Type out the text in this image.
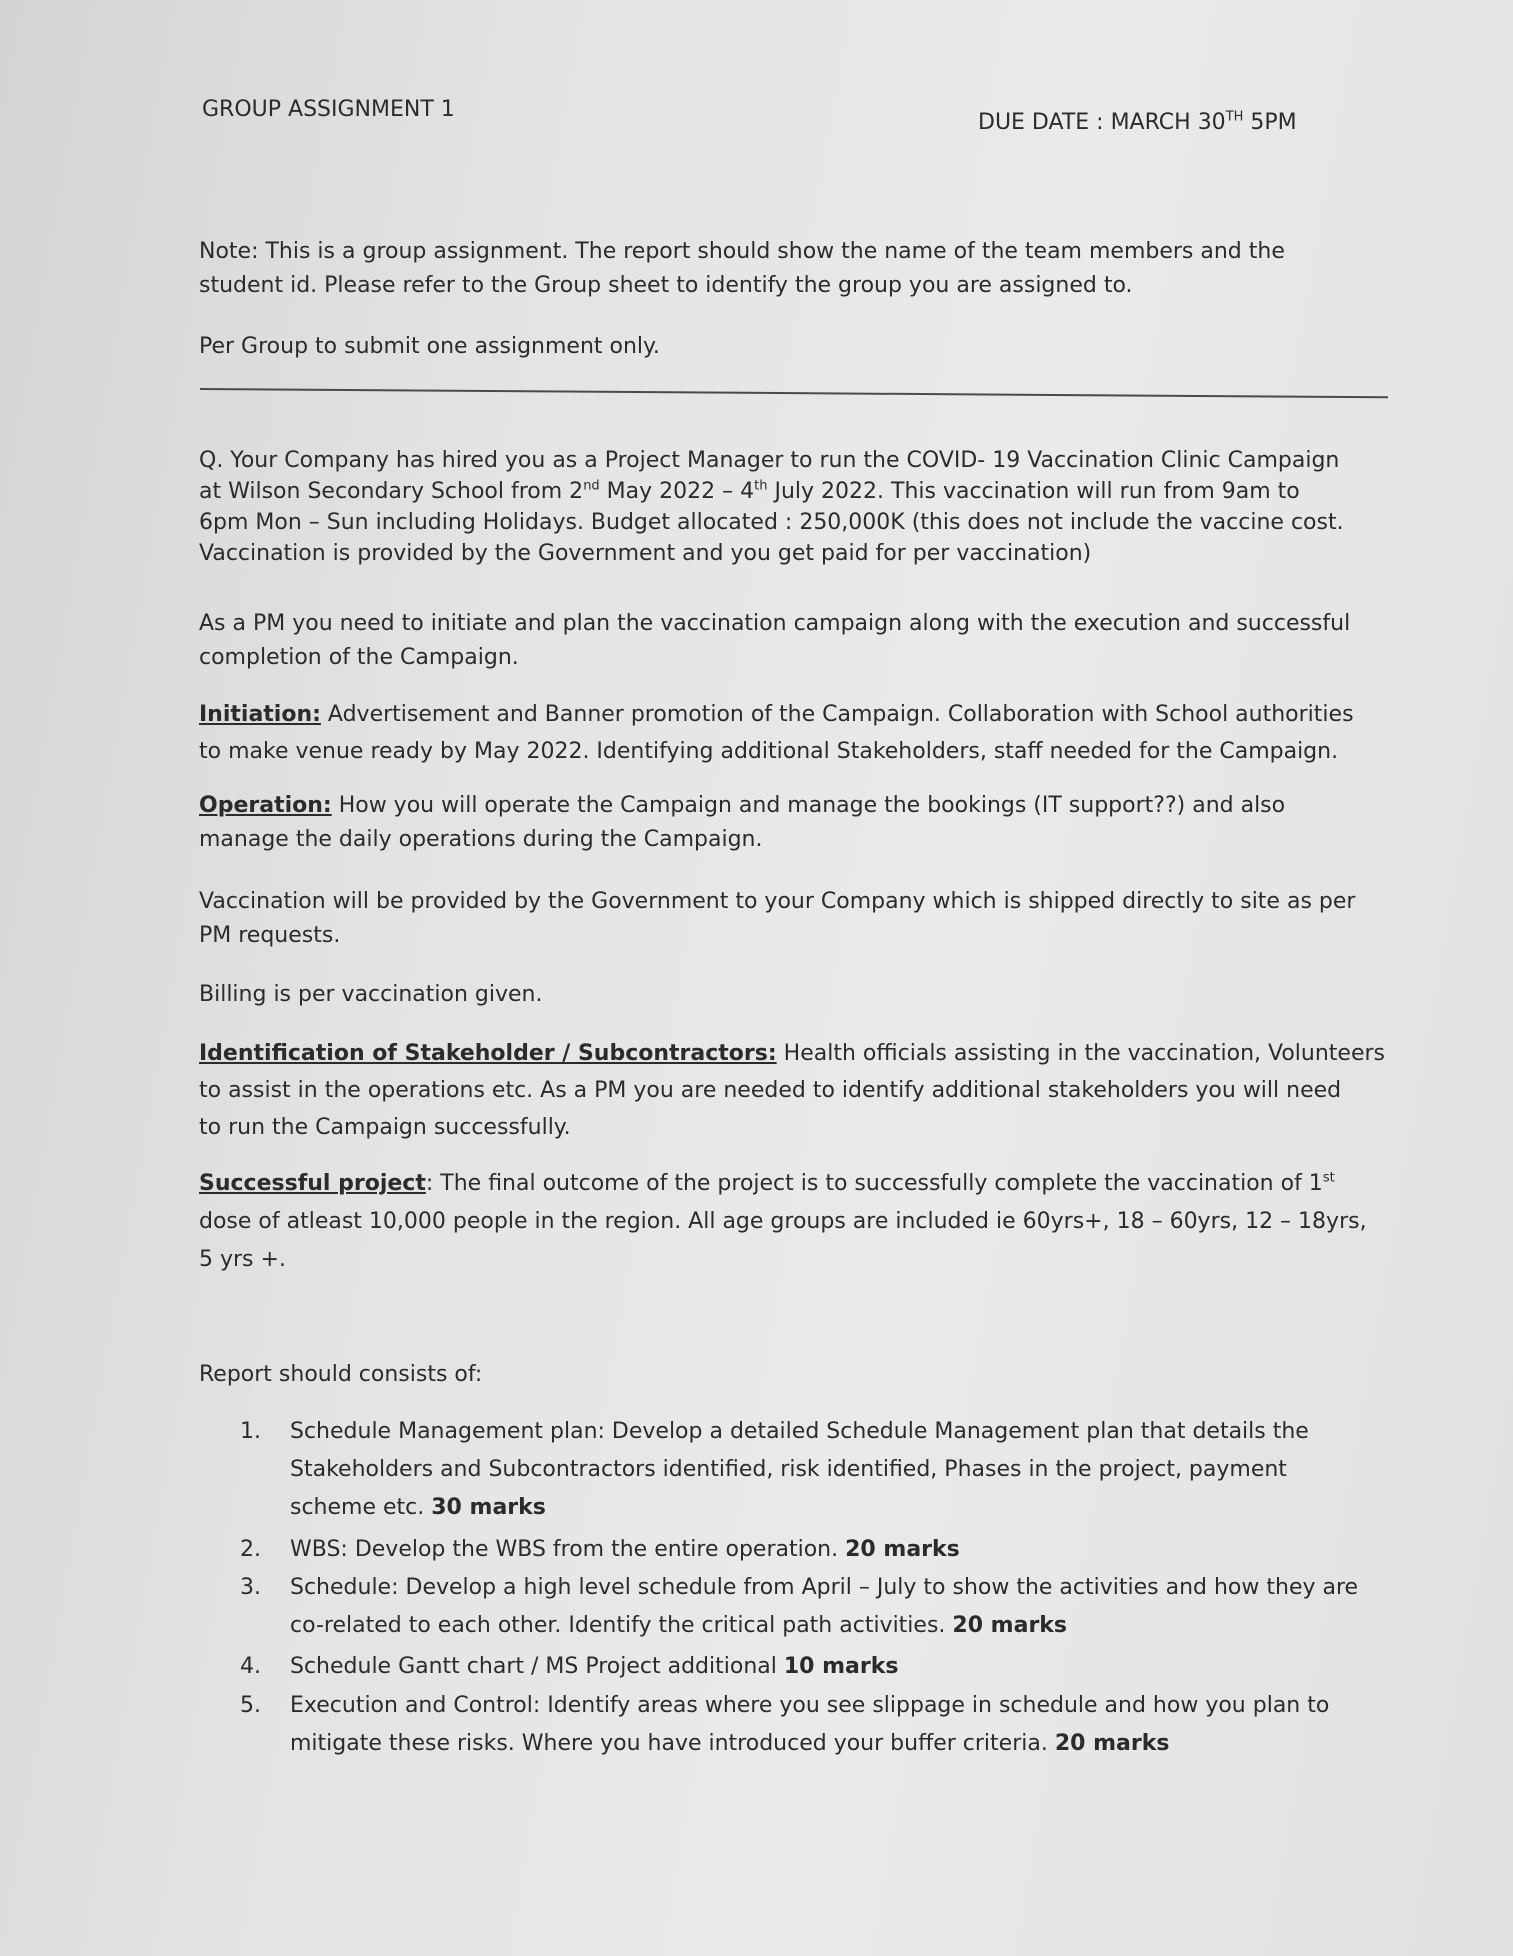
GROUP ASSIGNMENT 1
DUE DATE : MARCH 30TH 5PM
Note: This is a group assignment. The report should show the name of the team members and the
student id. Please refer to the Group sheet to identify the group you are assigned to.
Per Group to submit one assignment only.
Q. Your Company has hired you as a Project Manager to run the COVID- 19 Vaccination Clinic Campaign
at Wilson Secondary School from 2nd May 2022 – 4th July 2022. This vaccination will run from 9am to
6pm Mon – Sun including Holidays. Budget allocated : 250,000K (this does not include the vaccine cost.
Vaccination is provided by the Government and you get paid for per vaccination)
As a PM you need to initiate and plan the vaccination campaign along with the execution and successful
completion of the Campaign.
Initiation: Advertisement and Banner promotion of the Campaign. Collaboration with School authorities
to make venue ready by May 2022. Identifying additional Stakeholders, staff needed for the Campaign.
Operation: How you will operate the Campaign and manage the bookings (IT support??) and also
manage the daily operations during the Campaign.
Vaccination will be provided by the Government to your Company which is shipped directly to site as per
PM requests.
Billing is per vaccination given.
Identification of Stakeholder / Subcontractors: Health officials assisting in the vaccination, Volunteers
to assist in the operations etc. As a PM you are needed to identify additional stakeholders you will need
to run the Campaign successfully.
Successful project: The final outcome of the project is to successfully complete the vaccination of 1st
dose of atleast 10,000 people in the region. All age groups are included ie 60yrs+, 18 – 60yrs, 12 – 18yrs,
5 yrs +.
Report should consists of:
1.	Schedule Management plan: Develop a detailed Schedule Management plan that details the
Stakeholders and Subcontractors identified, risk identified, Phases in the project, payment
scheme etc. 30 marks
2.	WBS: Develop the WBS from the entire operation. 20 marks
3.	Schedule: Develop a high level schedule from April – July to show the activities and how they are
co-related to each other. Identify the critical path activities. 20 marks
4.	Schedule Gantt chart / MS Project additional 10 marks
5.	Execution and Control: Identify areas where you see slippage in schedule and how you plan to
mitigate these risks. Where you have introduced your buffer criteria. 20 marks
